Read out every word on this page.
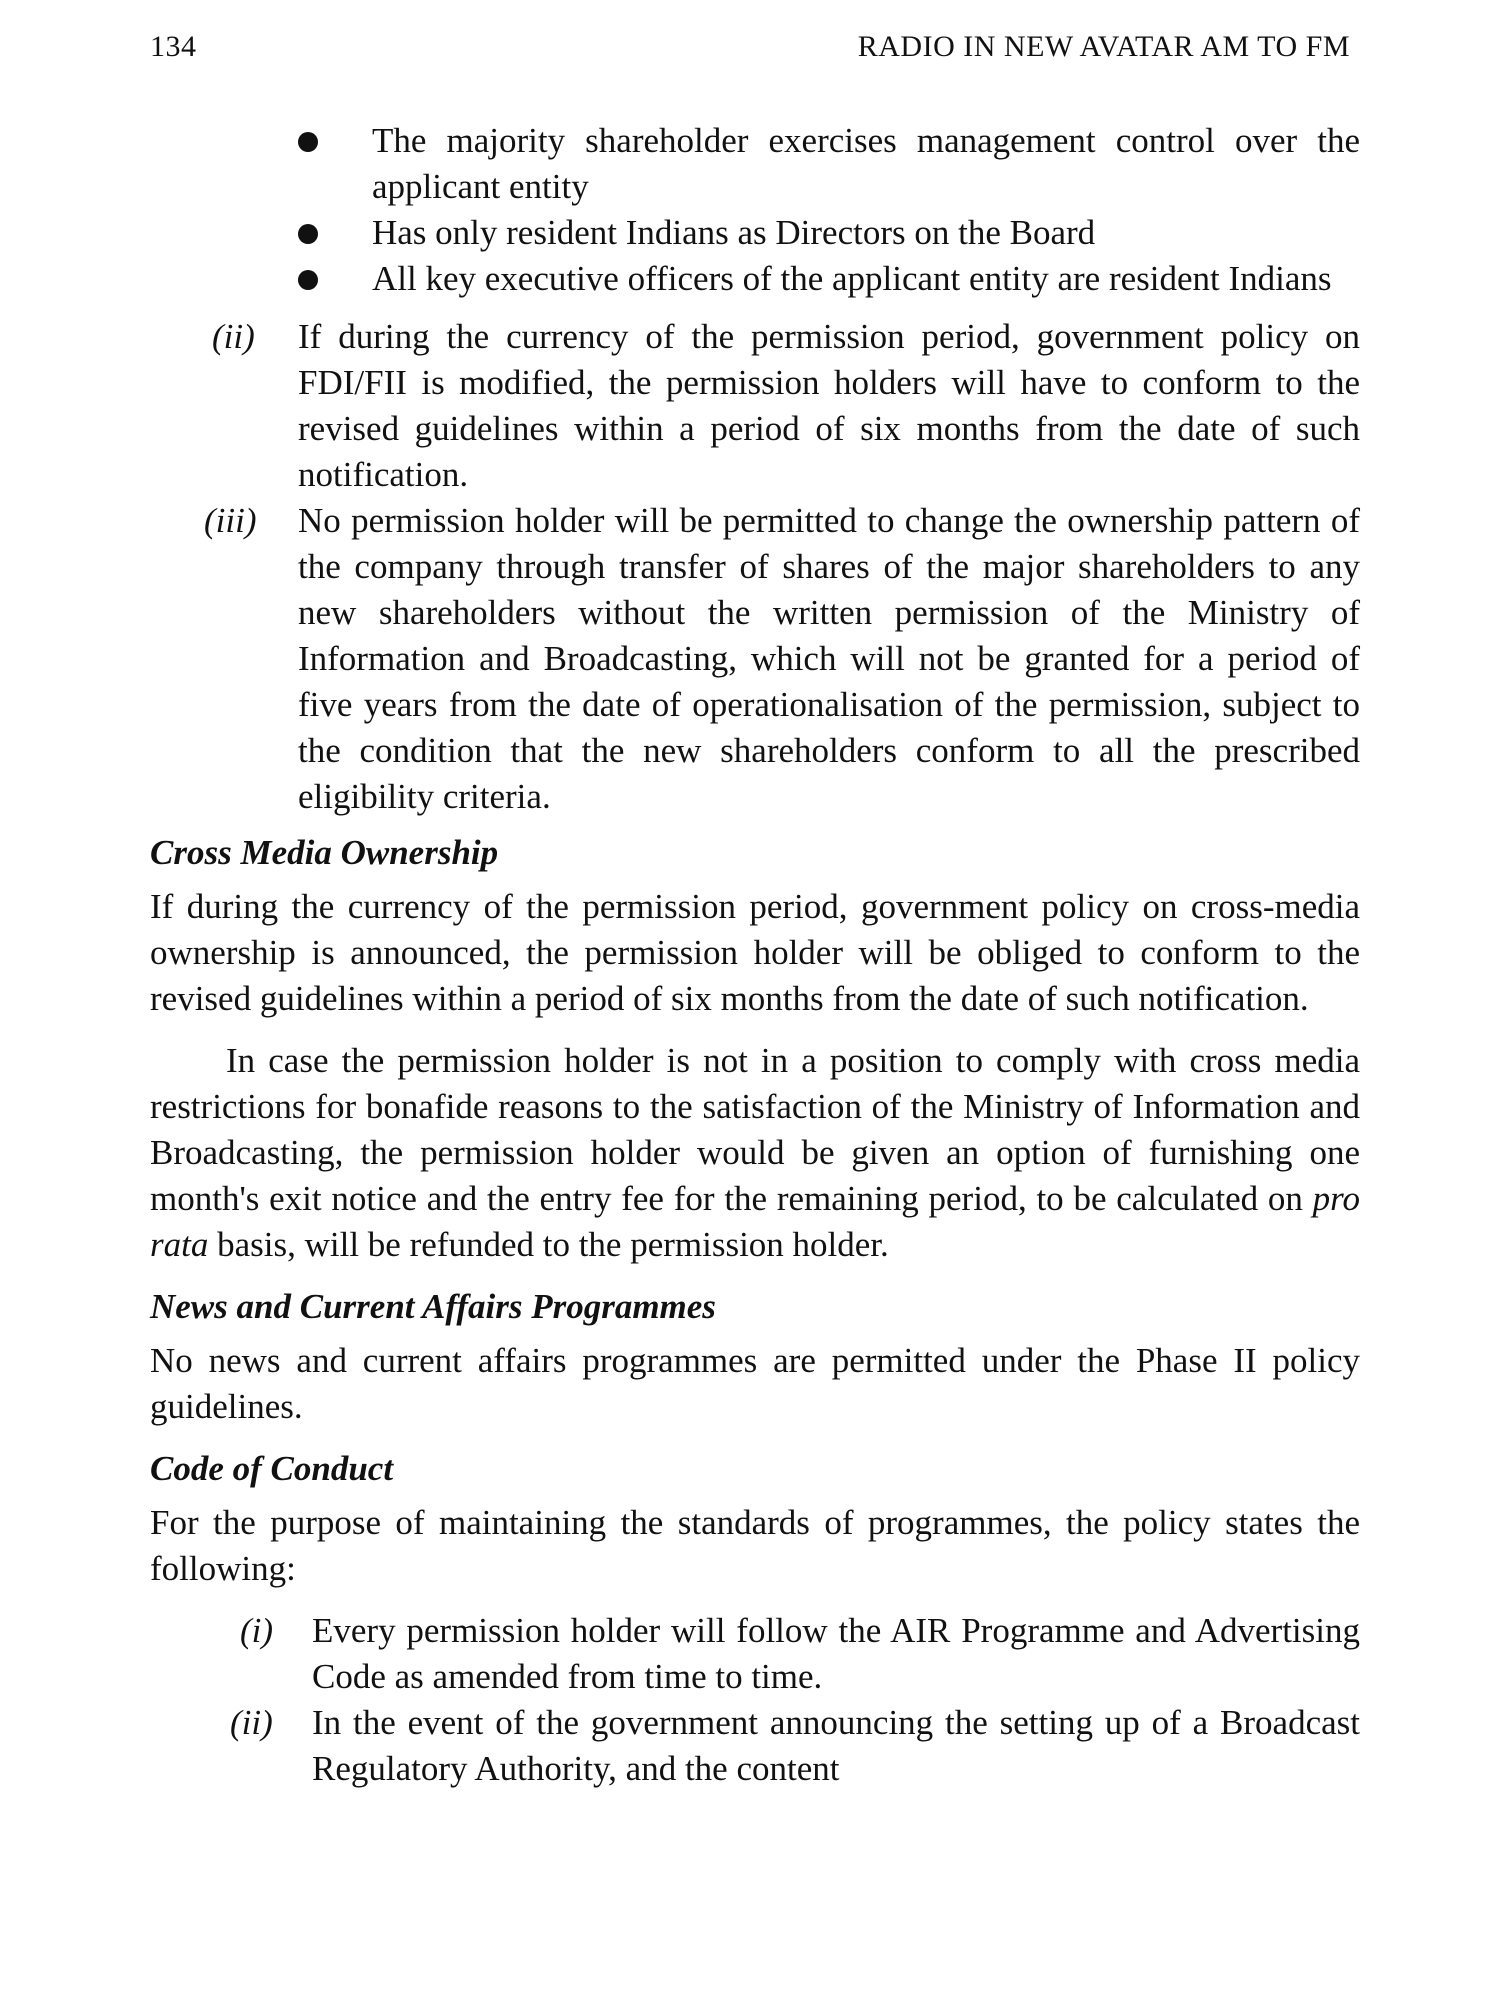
134	RADIO IN NEW AVATAR AM TO FM
The majority shareholder exercises management control over the applicant entity
Has only resident Indians as Directors on the Board
All key executive officers of the applicant entity are resident Indians
(ii) If during the currency of the permission period, government policy on FDI/FII is modified, the permission holders will have to conform to the revised guidelines within a period of six months from the date of such notification.
(iii) No permission holder will be permitted to change the ownership pattern of the company through transfer of shares of the major shareholders to any new shareholders without the written permission of the Ministry of Information and Broadcasting, which will not be granted for a period of five years from the date of operationalisation of the permission, subject to the condition that the new shareholders conform to all the prescribed eligibility criteria.
Cross Media Ownership

If during the currency of the permission period, government policy on cross-media ownership is announced, the permission holder will be obliged to conform to the revised guidelines within a period of six months from the date of such notification.

In case the permission holder is not in a position to comply with cross media restrictions for bonafide reasons to the satisfaction of the Ministry of Information and Broadcasting, the permission holder would be given an option of furnishing one month's exit notice and the entry fee for the remaining period, to be calculated on pro rata basis, will be refunded to the permission holder.

News and Current Affairs Programmes

No news and current affairs programmes are permitted under the Phase II policy guidelines.

Code of Conduct

For the purpose of maintaining the standards of programmes, the policy states the following:

(i) Every permission holder will follow the AIR Programme and Advertising Code as amended from time to time.
(ii) In the event of the government announcing the setting up of a Broadcast Regulatory Authority, and the content
